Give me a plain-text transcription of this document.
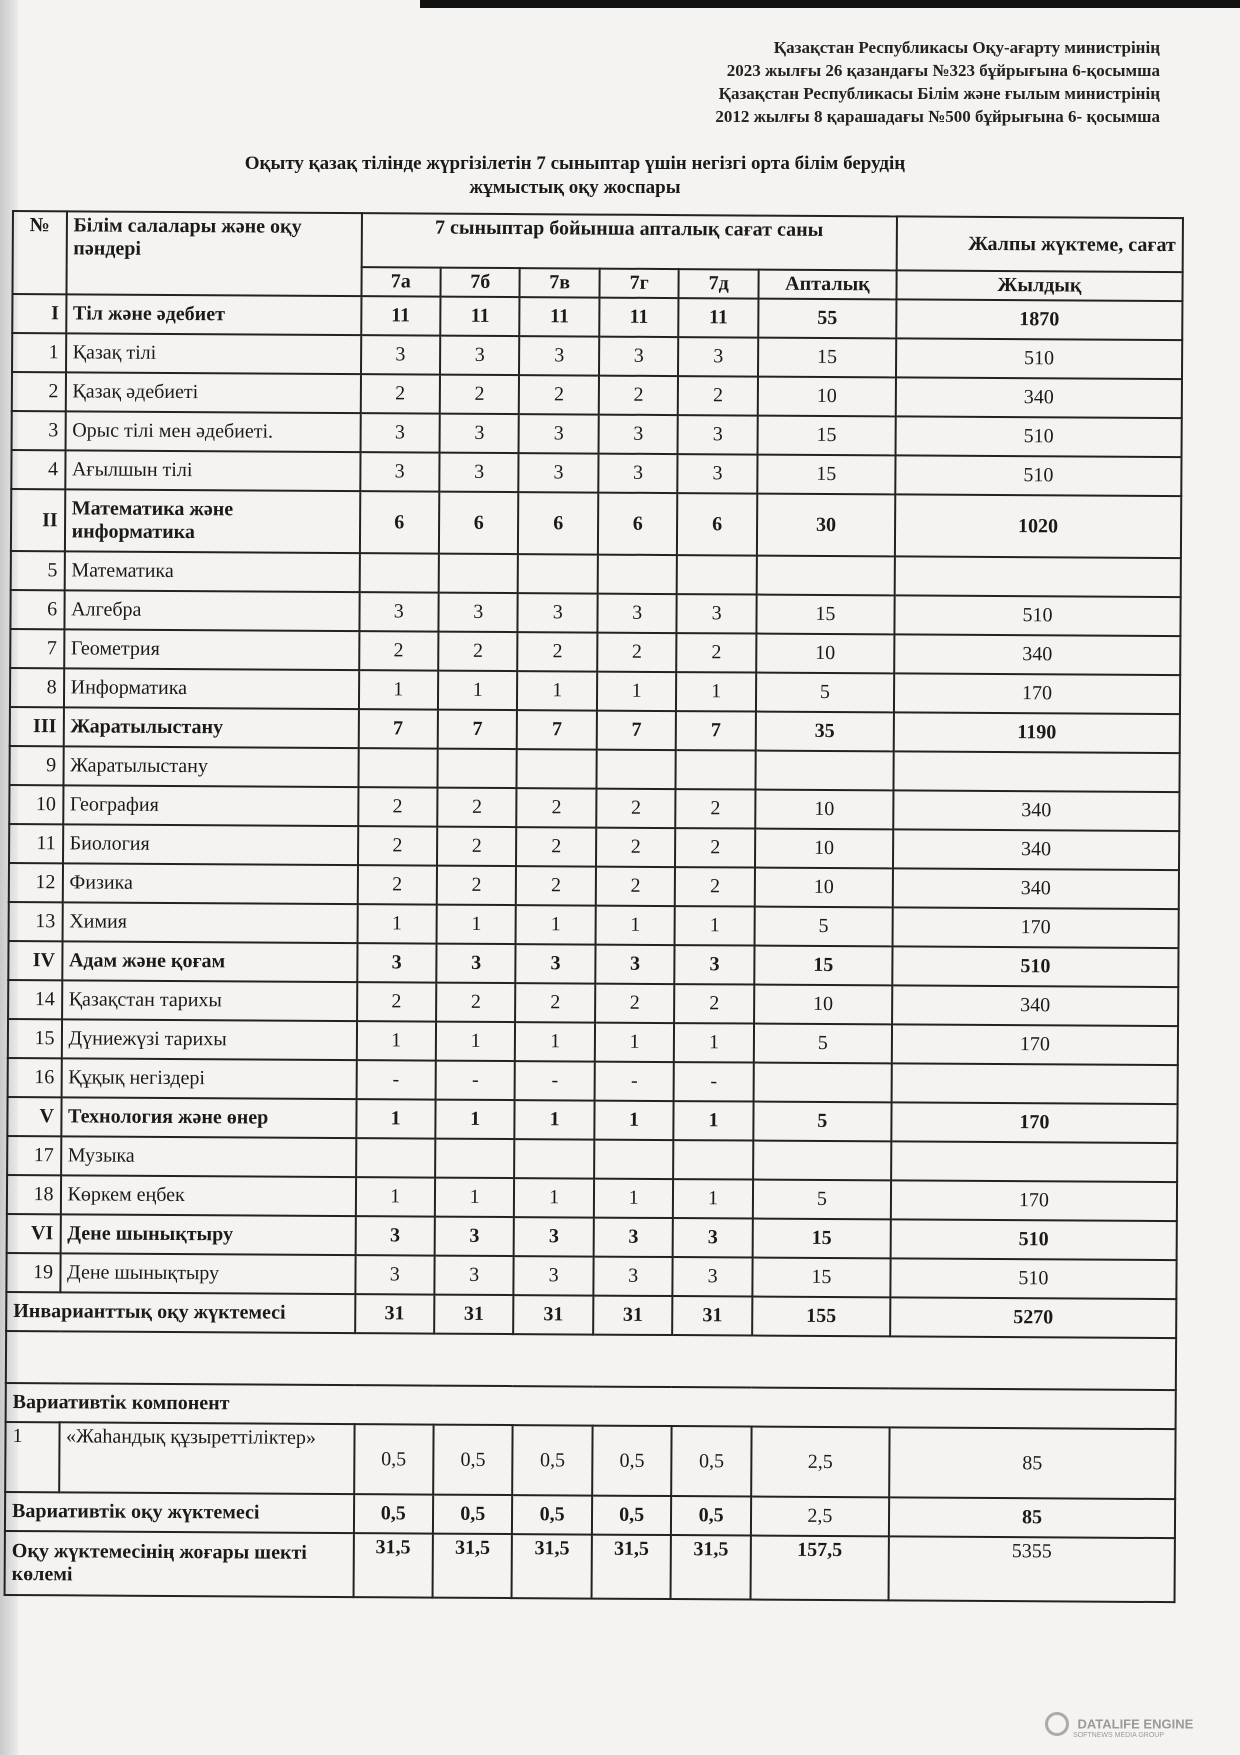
Қазақстан Республикасы Оқу-ағарту министрінің
2023 жылғы 26 қазандағы №323 бұйрығына 6-қосымша
Қазақстан Республикасы Білім және ғылым министрінің
2012 жылғы 8 қарашадағы №500 бұйрығына 6- қосымша
Оқыту қазақ тілінде жүргізілетін 7 сыныптар үшін негізгі орта білім берудің
жұмыстық оқу жоспары
№	Білім салалары және оқу пәндері	7 сыныптар бойынша апталық сағат саны						Жалпы жүктеме, сағат
		7а	7б	7в	7г	7д	Апталық	Жылдық
I	Тіл және әдебиет	11	11	11	11	11	55	1870
1	Қазақ тілі	3	3	3	3	3	15	510
2	Қазақ әдебиеті	2	2	2	2	2	10	340
3	Орыс тілі мен әдебиеті.	3	3	3	3	3	15	510
4	Ағылшын тілі	3	3	3	3	3	15	510
II	Математика және информатика	6	6	6	6	6	30	1020
5	Математика							
6	Алгебра	3	3	3	3	3	15	510
7	Геометрия	2	2	2	2	2	10	340
8	Информатика	1	1	1	1	1	5	170
III	Жаратылыстану	7	7	7	7	7	35	1190
9	Жаратылыстану							
10	География	2	2	2	2	2	10	340
11	Биология	2	2	2	2	2	10	340
12	Физика	2	2	2	2	2	10	340
13	Химия	1	1	1	1	1	5	170
IV	Адам және қоғам	3	3	3	3	3	15	510
14	Қазақстан тарихы	2	2	2	2	2	10	340
15	Дүниежүзі тарихы	1	1	1	1	1	5	170
16	Құқық негіздері	-	-	-	-	-		
V	Технология және өнер	1	1	1	1	1	5	170
17	Музыка							
18	Көркем еңбек	1	1	1	1	1	5	170
VI	Дене шынықтыру	3	3	3	3	3	15	510
19	Дене шынықтыру	3	3	3	3	3	15	510
Инварианттық оқу жүктемесі		31	31	31	31	31	155	5270

Вариативтік компонент								
1	«Жаһандық құзыреттіліктер»	0,5	0,5	0,5	0,5	0,5	2,5	85
Вариативтік оқу жүктемесі		0,5	0,5	0,5	0,5	0,5	2,5	85
Оқу жүктемесінің жоғары шекті көлемі		31,5	31,5	31,5	31,5	31,5	157,5	5355
DATALIFE ENGINE
SOFTNEWS MEDIA GROUP
